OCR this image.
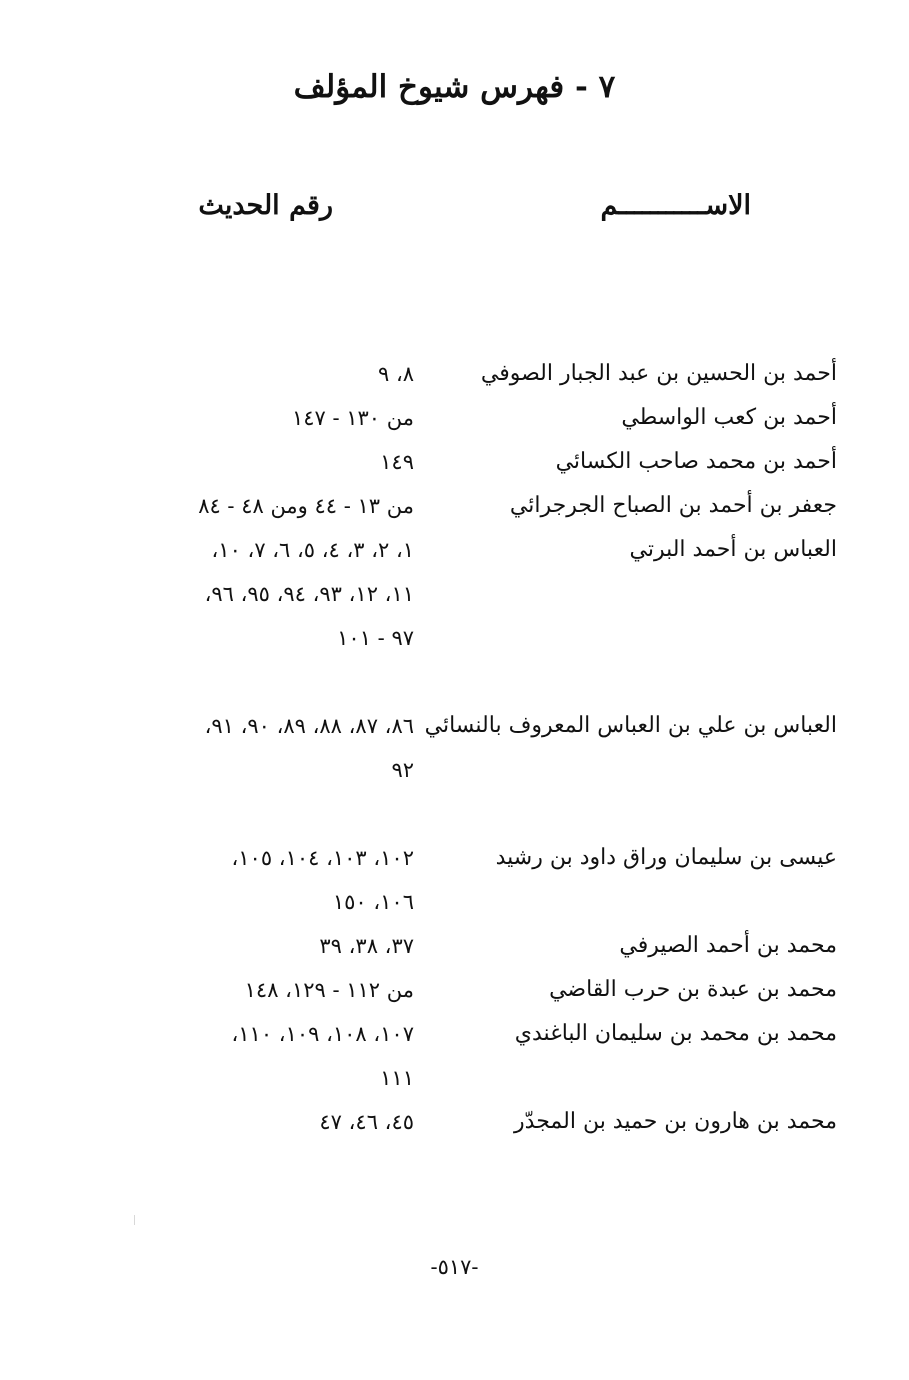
٧ - فهرس شيوخ المؤلف
الاســـــــــــم
رقم الحديث
أحمد بن الحسين بن عبد الجبار الصوفي
٨، ٩
أحمد بن كعب الواسطي
من ١٣٠ - ١٤٧
أحمد بن محمد صاحب الكسائي
١٤٩
جعفر بن أحمد بن الصباح الجرجرائي
من ١٣ - ٤٤ ومن ٤٨ - ٨٤
العباس بن أحمد البرتي
١، ٢، ٣، ٤، ٥، ٦، ٧، ١٠،
١١، ١٢، ٩٣، ٩٤، ٩٥، ٩٦،
٩٧ - ١٠١
العباس بن علي بن العباس المعروف بالنسائي
٨٦، ٨٧، ٨٨، ٨٩، ٩٠، ٩١،
٩٢
عيسى بن سليمان وراق داود بن رشيد
١٠٢، ١٠٣، ١٠٤، ١٠٥،
١٠٦، ١٥٠
محمد بن أحمد الصيرفي
٣٧، ٣٨، ٣٩
محمد بن عبدة بن حرب القاضي
من ١١٢ - ١٢٩، ١٤٨
محمد بن محمد بن سليمان الباغندي
١٠٧، ١٠٨، ١٠٩، ١١٠،
١١١
محمد بن هارون بن حميد بن المجدّر
٤٥، ٤٦، ٤٧
-٥١٧-
